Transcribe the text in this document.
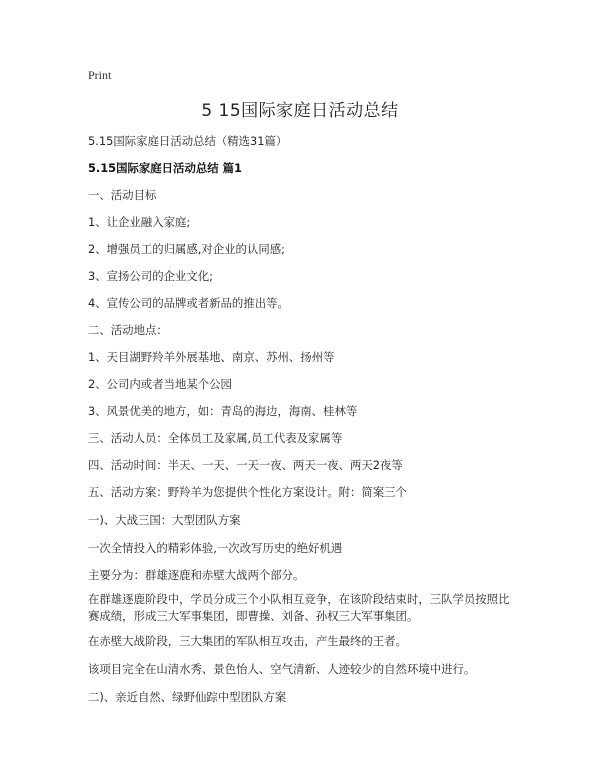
Print
5 15国际家庭日活动总结
5.15国际家庭日活动总结（精选31篇）
5.15国际家庭日活动总结 篇1
一、活动目标
1、让企业融入家庭;
2、增强员工的归属感,对企业的认同感;
3、宣扬公司的企业文化;
4、宣传公司的品牌或者新品的推出等。
二、活动地点：
1、天目湖野羚羊外展基地、南京、苏州、扬州等
2、公司内或者当地某个公园
3、风景优美的地方，如：青岛的海边，海南、桂林等
三、活动人员：全体员工及家属,员工代表及家属等
四、活动时间：半天、一天、一天一夜、两天一夜、两天2夜等
五、活动方案：野羚羊为您提供个性化方案设计。附：简案三个
一)、大战三国：大型团队方案
一次全情投入的精彩体验,一次改写历史的绝好机遇
主要分为：群雄逐鹿和赤壁大战两个部分。
在群雄逐鹿阶段中，学员分成三个小队相互竞争，在该阶段结束时，三队学员按照比赛成绩，形成三大军事集团，即曹操、刘备、孙权三大军事集团。
在赤壁大战阶段，三大集团的军队相互攻击，产生最终的王者。
该项目完全在山清水秀、景色怡人、空气清新、人迹较少的自然环境中进行。
二)、亲近自然、绿野仙踪中型团队方案
